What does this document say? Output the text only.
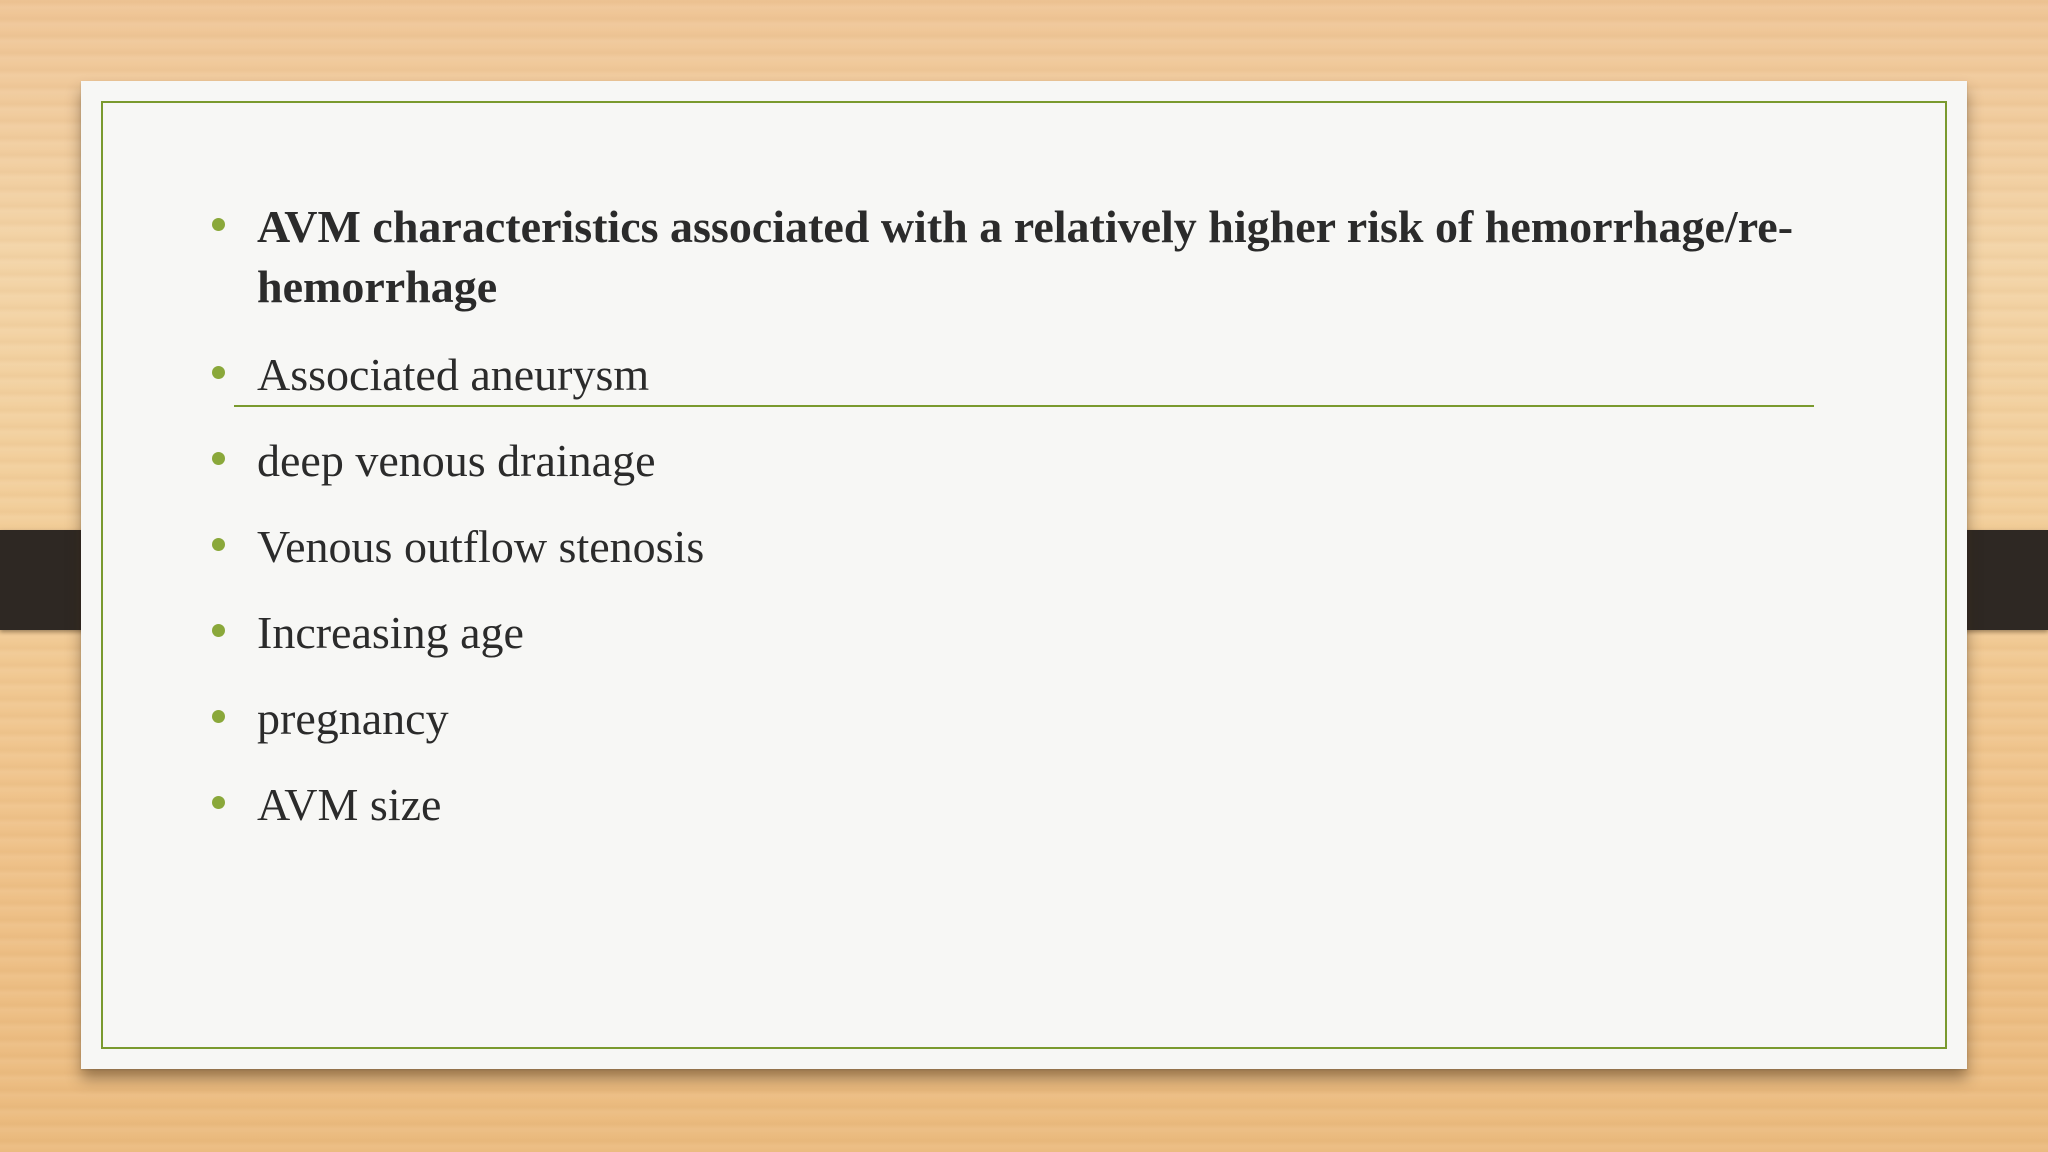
AVM characteristics associated with a relatively higher risk of hemorrhage/re-hemorrhage
Associated aneurysm
deep venous drainage
Venous outflow stenosis
Increasing age
pregnancy
AVM size
